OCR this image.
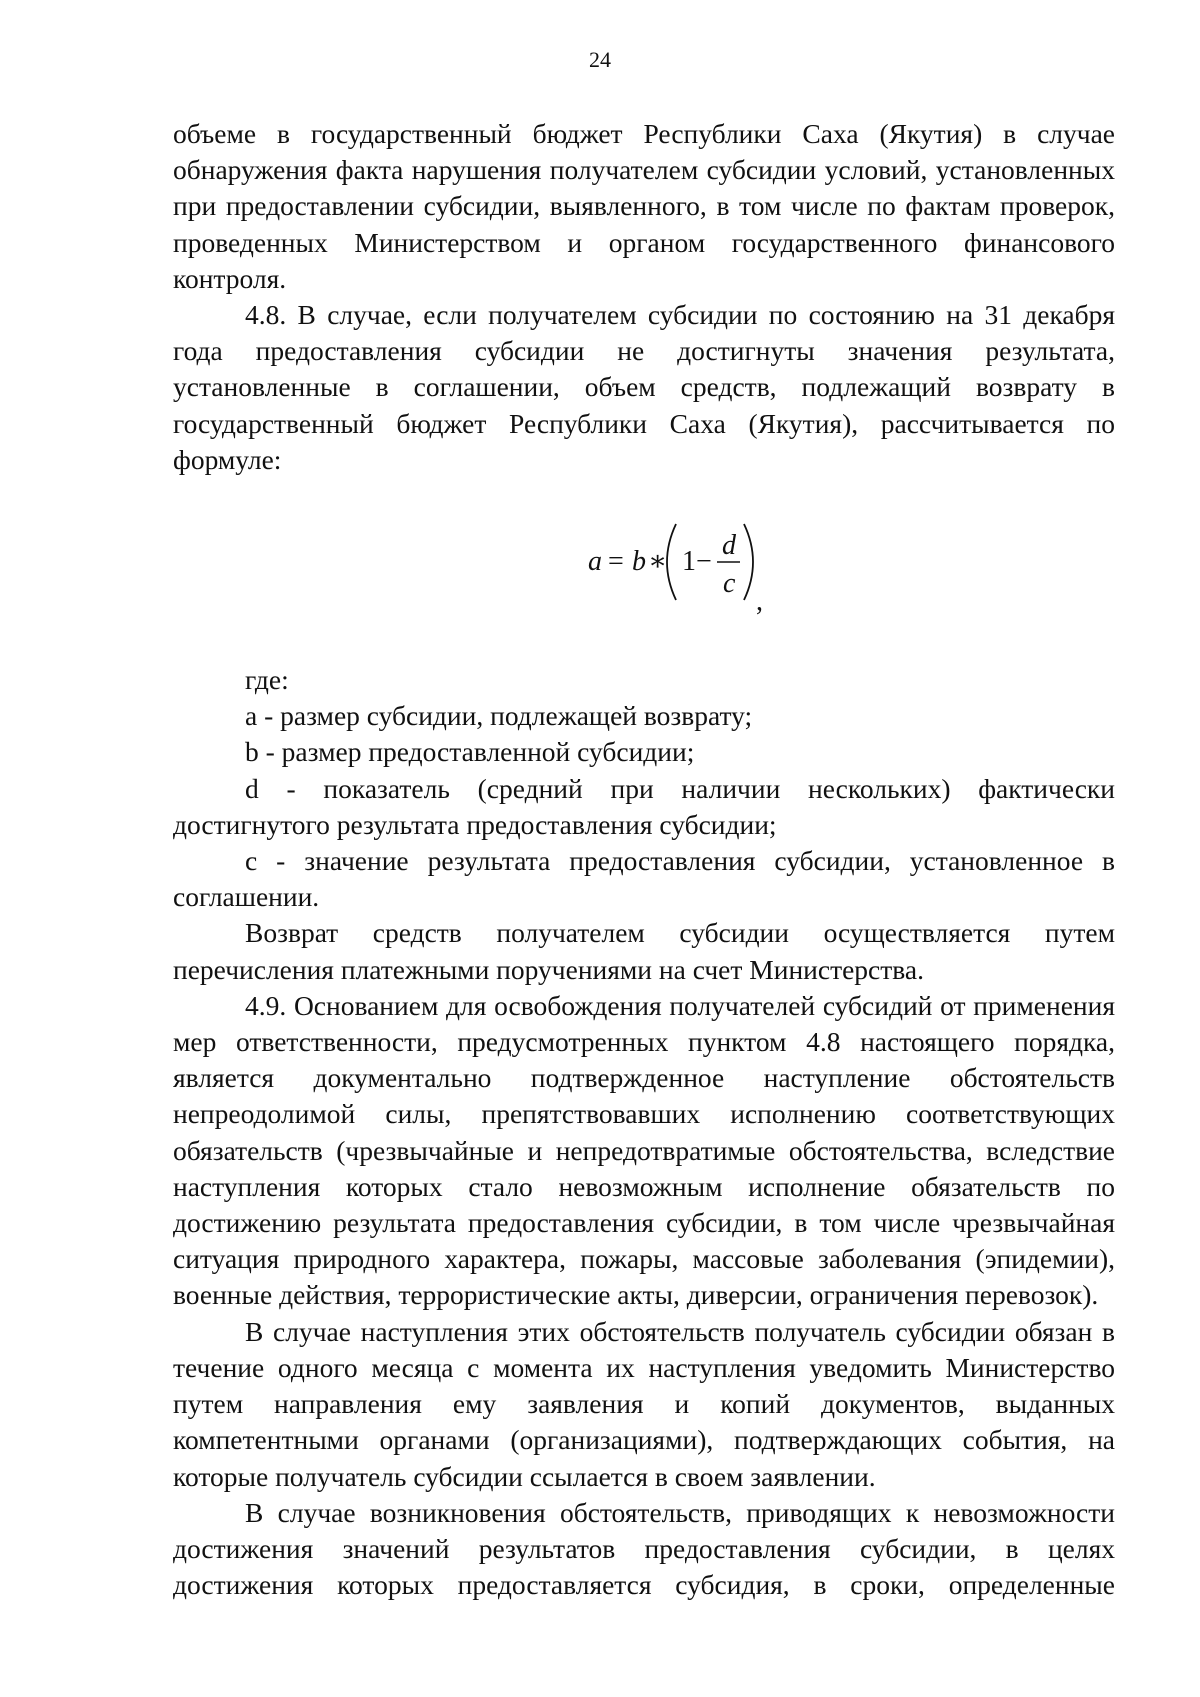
24

объеме в государственный бюджет Республики Саха (Якутия) в случае обнаружения факта нарушения получателем субсидии условий, установленных при предоставлении субсидии, выявленного, в том числе по фактам проверок, проведенных Министерством и органом государственного финансового контроля.

4.8. В случае, если получателем субсидии по состоянию на 31 декабря года предоставления субсидии не достигнуты значения результата, установленные в соглашении, объем средств, подлежащий возврату в государственный бюджет Республики Саха (Якутия), рассчитывается по формуле:

a = b ∗ 1 −
d
c
,

где:

a - размер субсидии, подлежащей возврату;

b - размер предоставленной субсидии;

d - показатель (средний при наличии нескольких) фактически достигнутого результата предоставления субсидии;

c - значение результата предоставления субсидии, установленное в соглашении.

Возврат средств получателем субсидии осуществляется путем перечисления платежными поручениями на счет Министерства.

4.9. Основанием для освобождения получателей субсидий от применения мер ответственности, предусмотренных пунктом 4.8 настоящего порядка, является документально подтвержденное наступление обстоятельств непреодолимой силы, препятствовавших исполнению соответствующих обязательств (чрезвычайные и непредотвратимые обстоятельства, вследствие наступления которых стало невозможным исполнение обязательств по достижению результата предоставления субсидии, в том числе чрезвычайная ситуация природного характера, пожары, массовые заболевания (эпидемии), военные действия, террористические акты, диверсии, ограничения перевозок).

В случае наступления этих обстоятельств получатель субсидии обязан в течение одного месяца с момента их наступления уведомить Министерство путем направления ему заявления и копий документов, выданных компетентными органами (организациями), подтверждающих события, на которые получатель субсидии ссылается в своем заявлении.

В случае возникновения обстоятельств, приводящих к невозможности достижения значений результатов предоставления субсидии, в целях достижения которых предоставляется субсидия, в сроки, определенные
